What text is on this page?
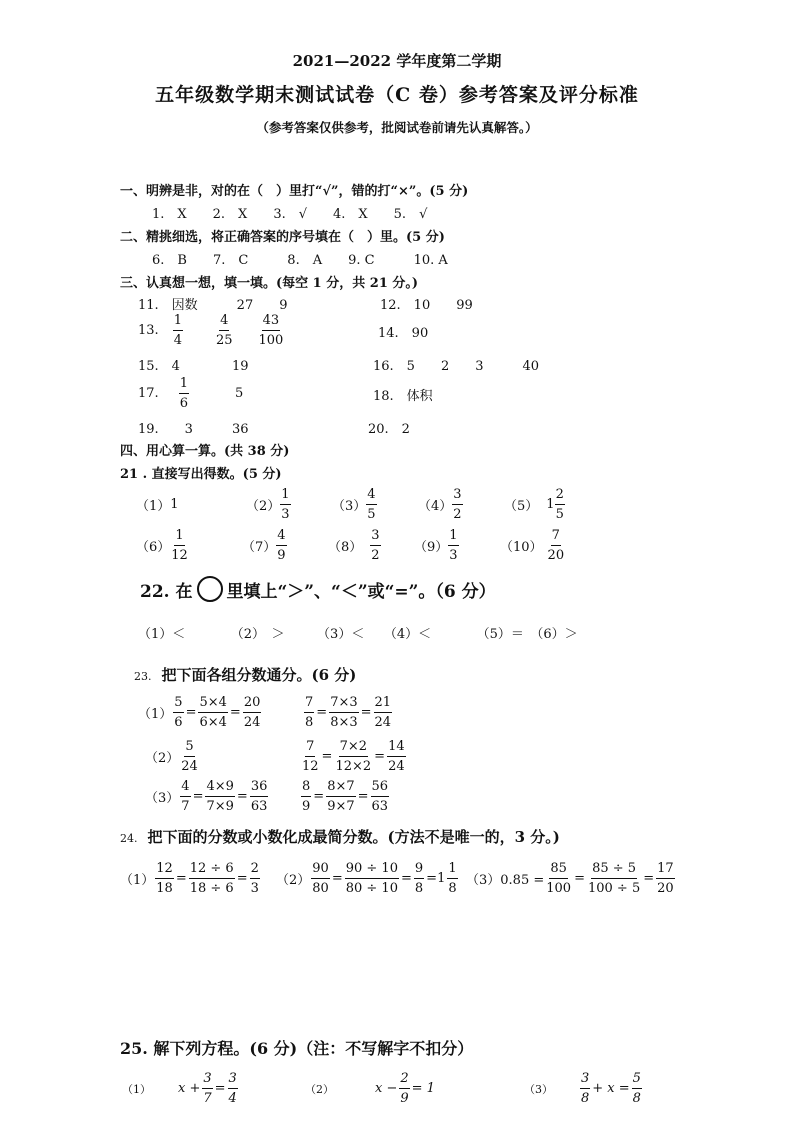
2021—2022 学年度第二学期
五年级数学期末测试试卷（C 卷）参考答案及评分标准
（参考答案仅供参考，批阅试卷前请先认真解答。）
一、明辨是非，对的在（　）里打“√”，错的打“×”。(5 分)
1.　X　　2.　X　　3.　√　　4.　X　　5.　√
二、精挑细选，将正确答案的序号填在（　）里。(5 分)
6.　B　　7.　C　　　8.　A　　9. C　　　10. A
三、认真想一想，填一填。(每空 1 分，共 21 分。)
11.　因数　　　27　　9	12.　10　　99
13. $\frac{1}{4} \frac{4}{25} \frac{43}{100}$	14.　90
15.　4　　　　19	16.　5　　2　　3　　　40
17. $\frac{1}{6}$	5	18.　体积
19.　　3　　　36	20.　2
四、用心算一算。(共 38 分)
21 . 直接写出得数。(5 分)
（1） 1	$(2) \frac{1}{3}$	$(3) \frac{4}{5}$	$(4) \frac{3}{2}$	（5） $1 \frac{2}{5}$
$(6) \frac{1}{12}$	$(7) \frac{4}{9}$	$(8) \frac{3}{2}$	$(9) \frac{1}{3}$	$(10) \frac{7}{20}$
22. 在 里填上“＞”、“＜”或“=”。（6 分）
（1）＜　　　　（2）　＞　　　（3）＜　　（4）＜　　　　（5）＝　（6）＞
23. 把下面各组分数通分。(6 分)
$(1) \frac{5}{6} = \frac{5\times 4}{6\times 4} = \frac{20}{24}$	$\frac{7}{8} = \frac{7\times 3}{8\times 3} = \frac{21}{24}$
$(2) \frac{5}{24}$	$\frac{7}{12} = \frac{7\times 2}{12\times 2} = \frac{14}{24}$
$(3) \frac{4}{7} = \frac{4\times 9}{7\times 9} = \frac{36}{63}$	$\frac{8}{9} = \frac{8\times 7}{9\times 7} = \frac{56}{63}$
24. 把下面的分数或小数化成最简分数。(方法不是唯一的，3 分。)
$(1) \frac{12}{18} = \frac{12 \div 6}{18 \div 6} = \frac{2}{3} (2) \frac{90}{80} = \frac{90 \div 10}{80 \div 10} = \frac{9}{8} =1 \frac{1}{8} (3)0.85 = \frac{85}{100} = \frac{85 \div 5}{100 \div 5} = \frac{17}{20}$
25. 解下列方程。(6 分)（注：不写解字不扣分）
（1） $x + \frac{3}{7} = \frac{3}{4}$	（2）	$x - \frac{2}{9} = 1$	$(3) \frac{3}{8} + x = \frac{5}{8}$
